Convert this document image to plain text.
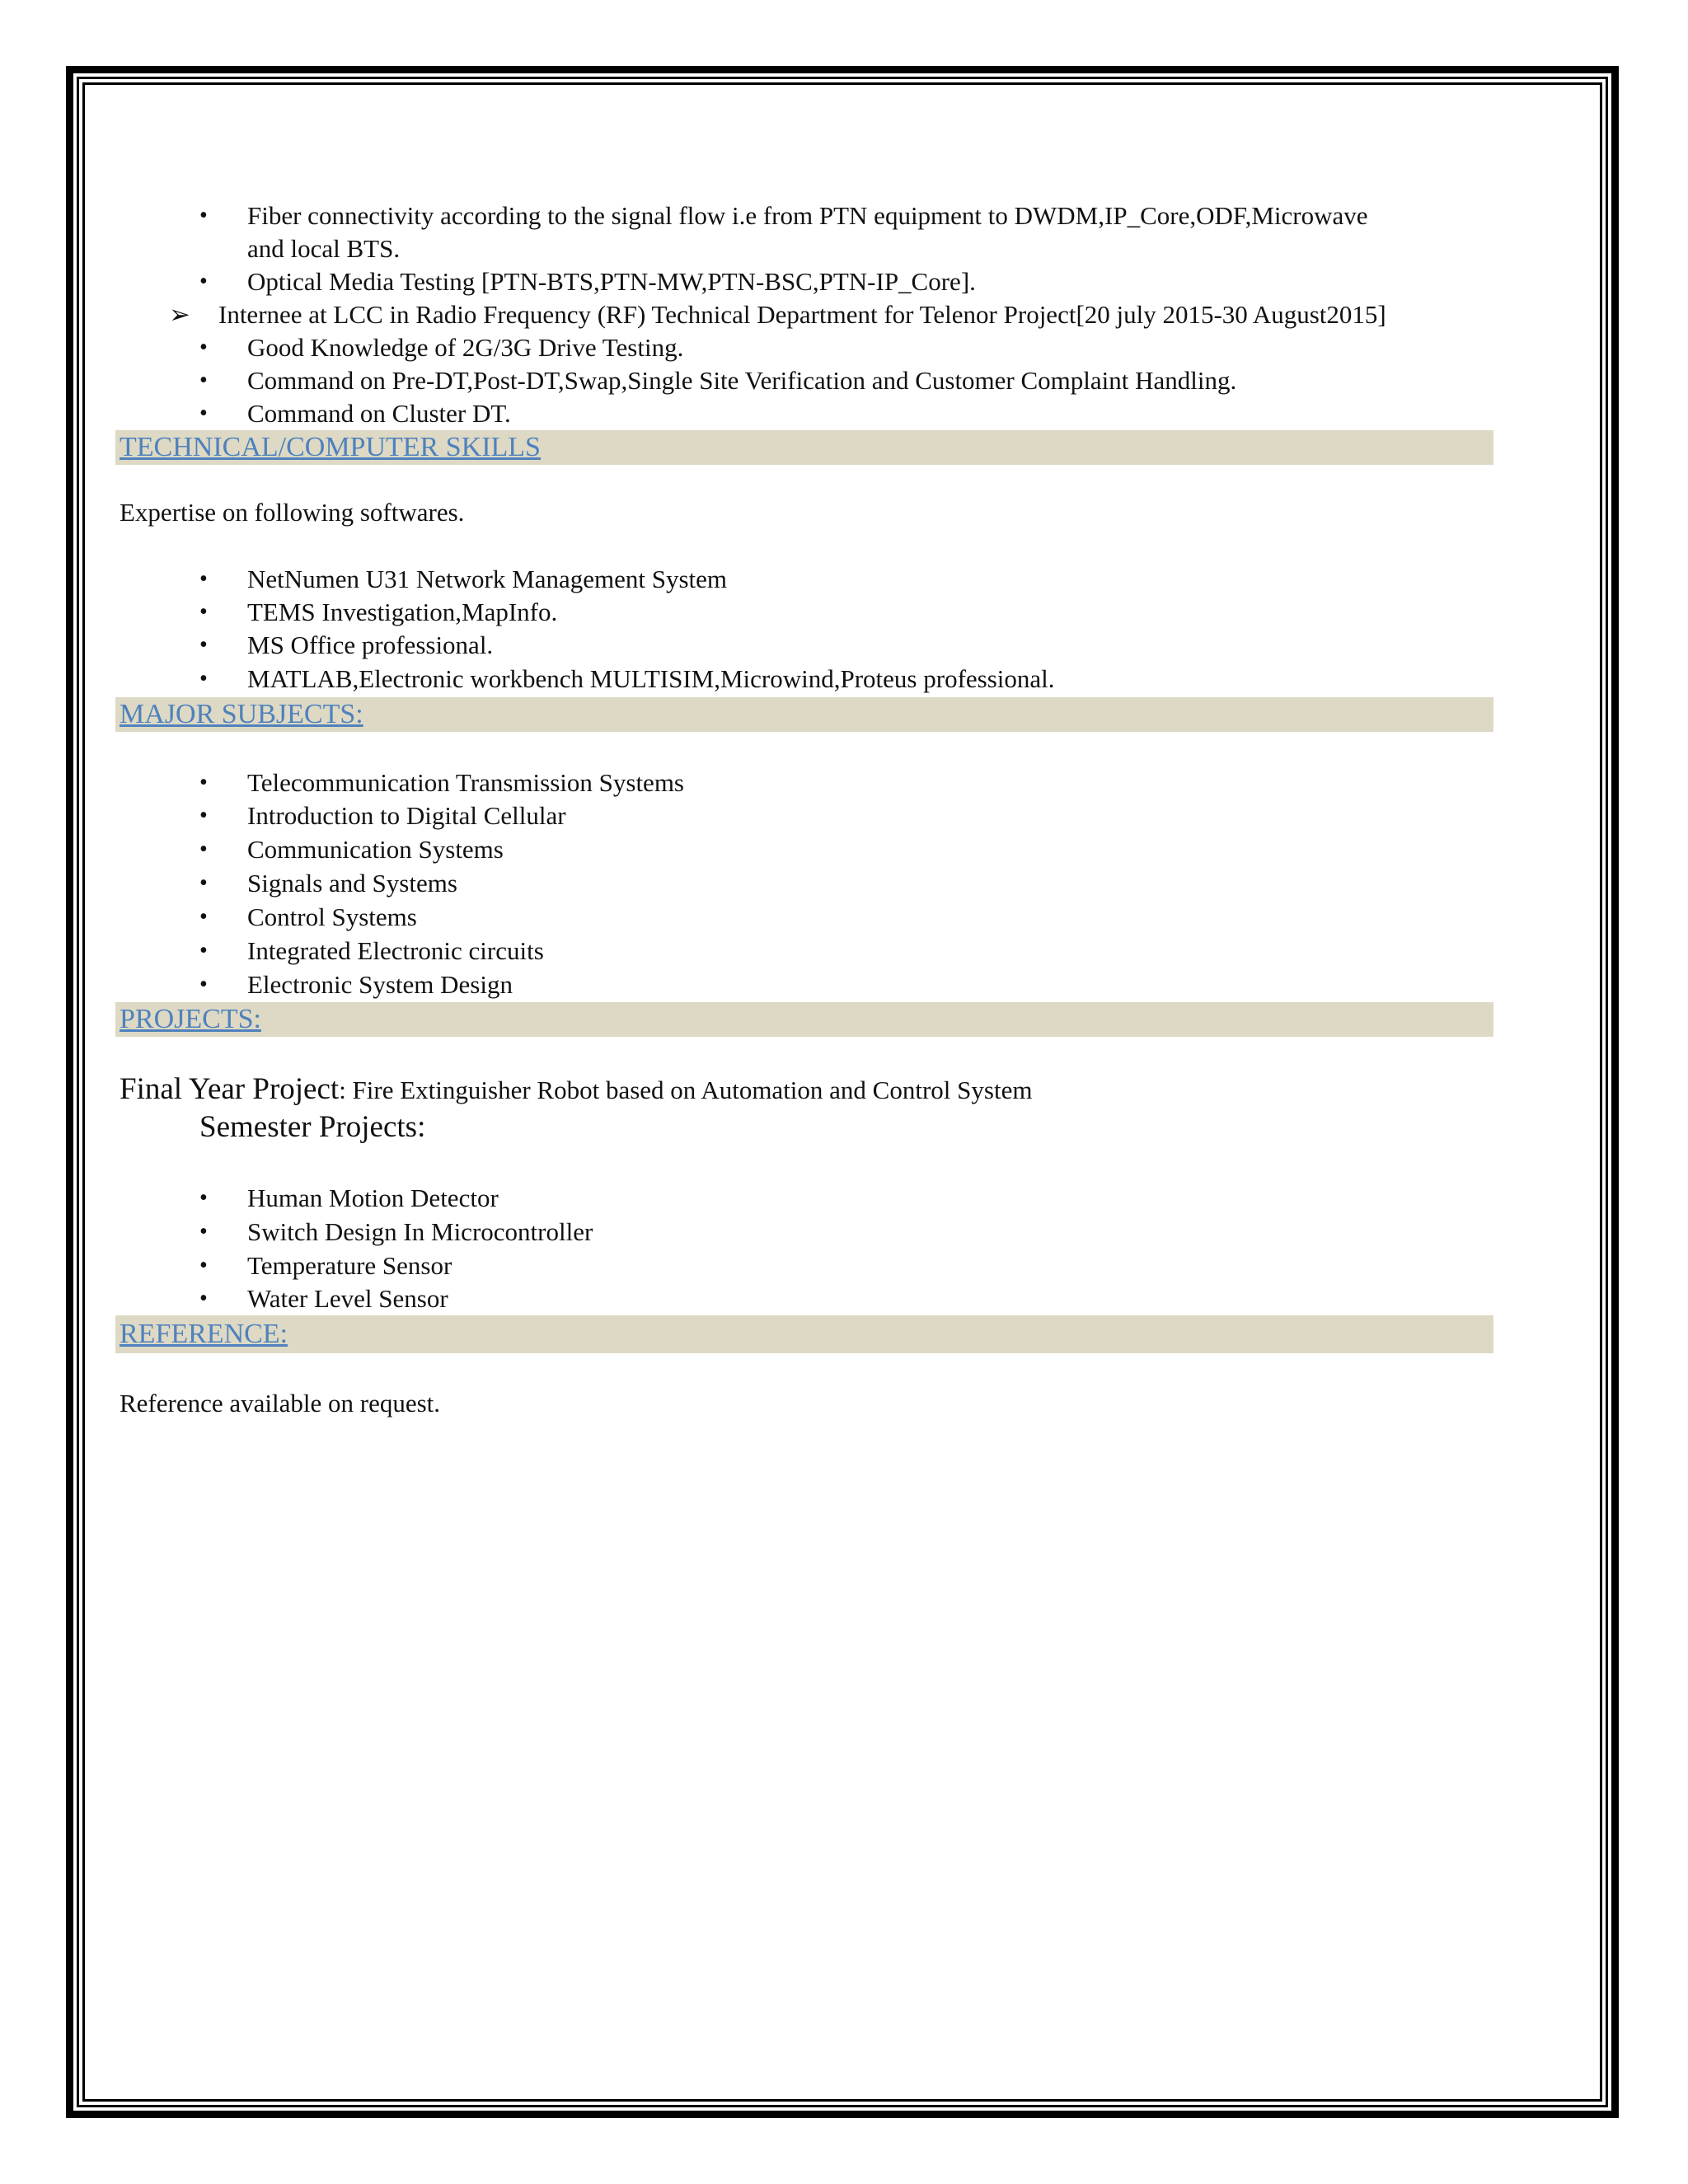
• Fiber connectivity according to the signal flow i.e from PTN equipment to DWDM,IP_Core,ODF,Microwave
and local BTS.
• Optical Media Testing [PTN-BTS,PTN-MW,PTN-BSC,PTN-IP_Core].
➢ Internee at LCC in Radio Frequency (RF) Technical Department for Telenor Project[20 july 2015-30 August2015]
• Good Knowledge of 2G/3G Drive Testing.
• Command on Pre-DT,Post-DT,Swap,Single Site Verification and Customer Complaint Handling.
• Command on Cluster DT.
TECHNICAL/COMPUTER SKILLS
Expertise on following softwares.
• NetNumen U31 Network Management System
• TEMS Investigation,MapInfo.
• MS Office professional.
• MATLAB,Electronic workbench MULTISIM,Microwind,Proteus professional.
MAJOR SUBJECTS:
• Telecommunication Transmission Systems
• Introduction to Digital Cellular
• Communication Systems
• Signals and Systems
• Control Systems
• Integrated Electronic circuits
• Electronic System Design
PROJECTS:
Final Year Project: Fire Extinguisher Robot based on Automation and Control System
Semester Projects:
• Human Motion Detector
• Switch Design In Microcontroller
• Temperature Sensor
• Water Level Sensor
REFERENCE:
Reference available on request.
